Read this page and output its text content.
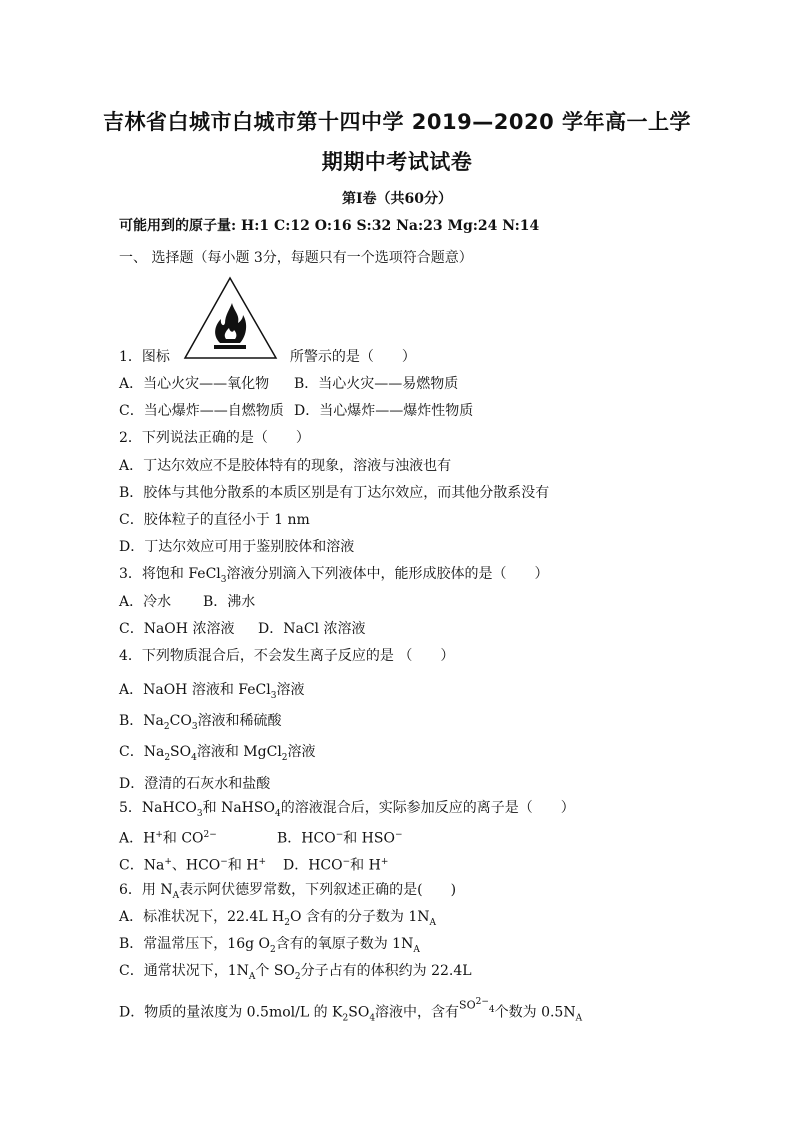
吉林省白城市白城市第十四中学 2019—2020 学年高一上学
期期中考试试卷
第Ⅰ卷（共60分）
可能用到的原子量: H:1 C:12 O:16 S:32 Na:23 Mg:24 N:14
一、 选择题（每小题 3分，每题只有一个选项符合题意）
1．图标	所警示的是（　　）
A．当心火灾——氧化物 B．当心火灾——易燃物质
C．当心爆炸——自燃物质 D．当心爆炸——爆炸性物质
2．下列说法正确的是（　　）
A．丁达尔效应不是胶体特有的现象，溶液与浊液也有
B．胶体与其他分散系的本质区别是有丁达尔效应，而其他分散系没有
C．胶体粒子的直径小于 1 nm
D．丁达尔效应可用于鉴别胶体和溶液
3．将饱和 FeCl$_3$溶液分别滴入下列液体中，能形成胶体的是（　　）
A．冷水 B．沸水
C．NaOH 浓溶液 D．NaCl 浓溶液
4．下列物质混合后，不会发生离子反应的是 （　　）
A．NaOH 溶液和 FeCl$_3$溶液
B．$Na_2CO_3$溶液和稀硫酸
C．$Na_2SO_4$溶液和 MgCl$_2$溶液
D．澄清的石灰水和盐酸
5．NaHCO$_3$和 NaHSO$_4$的溶液混合后，实际参加反应的离子是（　　）
A．H+和 $CO^{2-}$	B．HCO−和 HSO−
C．Na+、HCO−和 H+ D．HCO−和 H+
6．用 $N_A$表示阿伏德罗常数，下列叙述正确的是(　　)
A．标准状况下，22.4L $H_2O$ 含有的分子数为 $1N_A$
B．常温常压下，16g $O_2$含有的氧原子数为 $1N_A$
C．通常状况下，$1N_A$个 $SO_2$分子占有的体积约为 22.4L
D．物质的量浓度为 0.5mol/L 的 $K_2SO_4$溶液中，含有$SO^{2-}_4$个数为 $0.5N_A$
